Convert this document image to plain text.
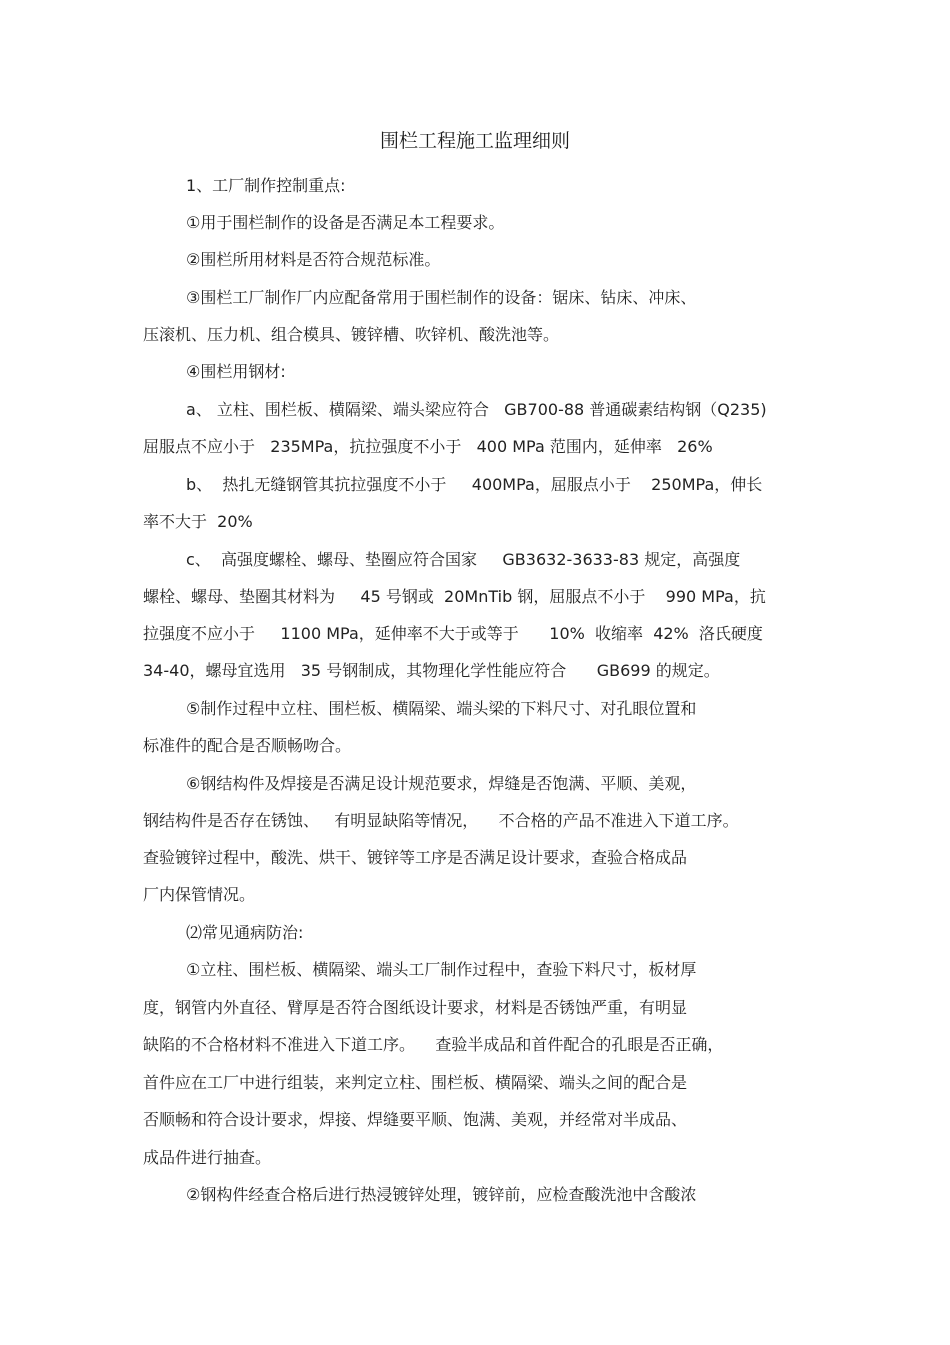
围栏工程施工监理细则
1、工厂制作控制重点:
①用于围栏制作的设备是否满足本工程要求。
②围栏所用材料是否符合规范标准。
③围栏工厂制作厂内应配备常用于围栏制作的设备：锯床、钻床、冲床、
压滚机、压力机、组合模具、镀锌槽、吹锌机、酸洗池等。
④围栏用钢材:
a、 立柱、围栏板、横隔梁、端头梁应符合   GB700-88 普通碳素结构钢（Q235)
屈服点不应小于   235MPa，抗拉强度不小于   400 MPa 范围内，延伸率   26%
b、  热扎无缝钢管其抗拉强度不小于     400MPa，屈服点小于    250MPa，伸长
率不大于  20%
c、  高强度螺栓、螺母、垫圈应符合国家     GB3632-3633-83 规定，高强度
螺栓、螺母、垫圈其材料为     45 号钢或  20MnTib 钢，屈服点不小于    990 MPa，抗
拉强度不应小于     1100 MPa，延伸率不大于或等于      10%  收缩率  42%  洛氏硬度
34-40，螺母宜选用   35 号钢制成，其物理化学性能应符合      GB699 的规定。
⑤制作过程中立柱、围栏板、横隔梁、端头梁的下料尺寸、对孔眼位置和
标准件的配合是否顺畅吻合。
⑥钢结构件及焊接是否满足设计规范要求，焊缝是否饱满、平顺、美观，
钢结构件是否存在锈蚀、   有明显缺陷等情况，    不合格的产品不准进入下道工序。
查验镀锌过程中，酸洗、烘干、镀锌等工序是否满足设计要求，查验合格成品
厂内保管情况。
⑵常见通病防治:
①立柱、围栏板、横隔梁、端头工厂制作过程中，查验下料尺寸，板材厚
度，钢管内外直径、臂厚是否符合图纸设计要求，材料是否锈蚀严重，有明显
缺陷的不合格材料不准进入下道工序。    查验半成品和首件配合的孔眼是否正确，
首件应在工厂中进行组装，来判定立柱、围栏板、横隔梁、端头之间的配合是
否顺畅和符合设计要求，焊接、焊缝要平顺、饱满、美观，并经常对半成品、
成品件进行抽查。
②钢构件经查合格后进行热浸镀锌处理，镀锌前，应检查酸洗池中含酸浓
